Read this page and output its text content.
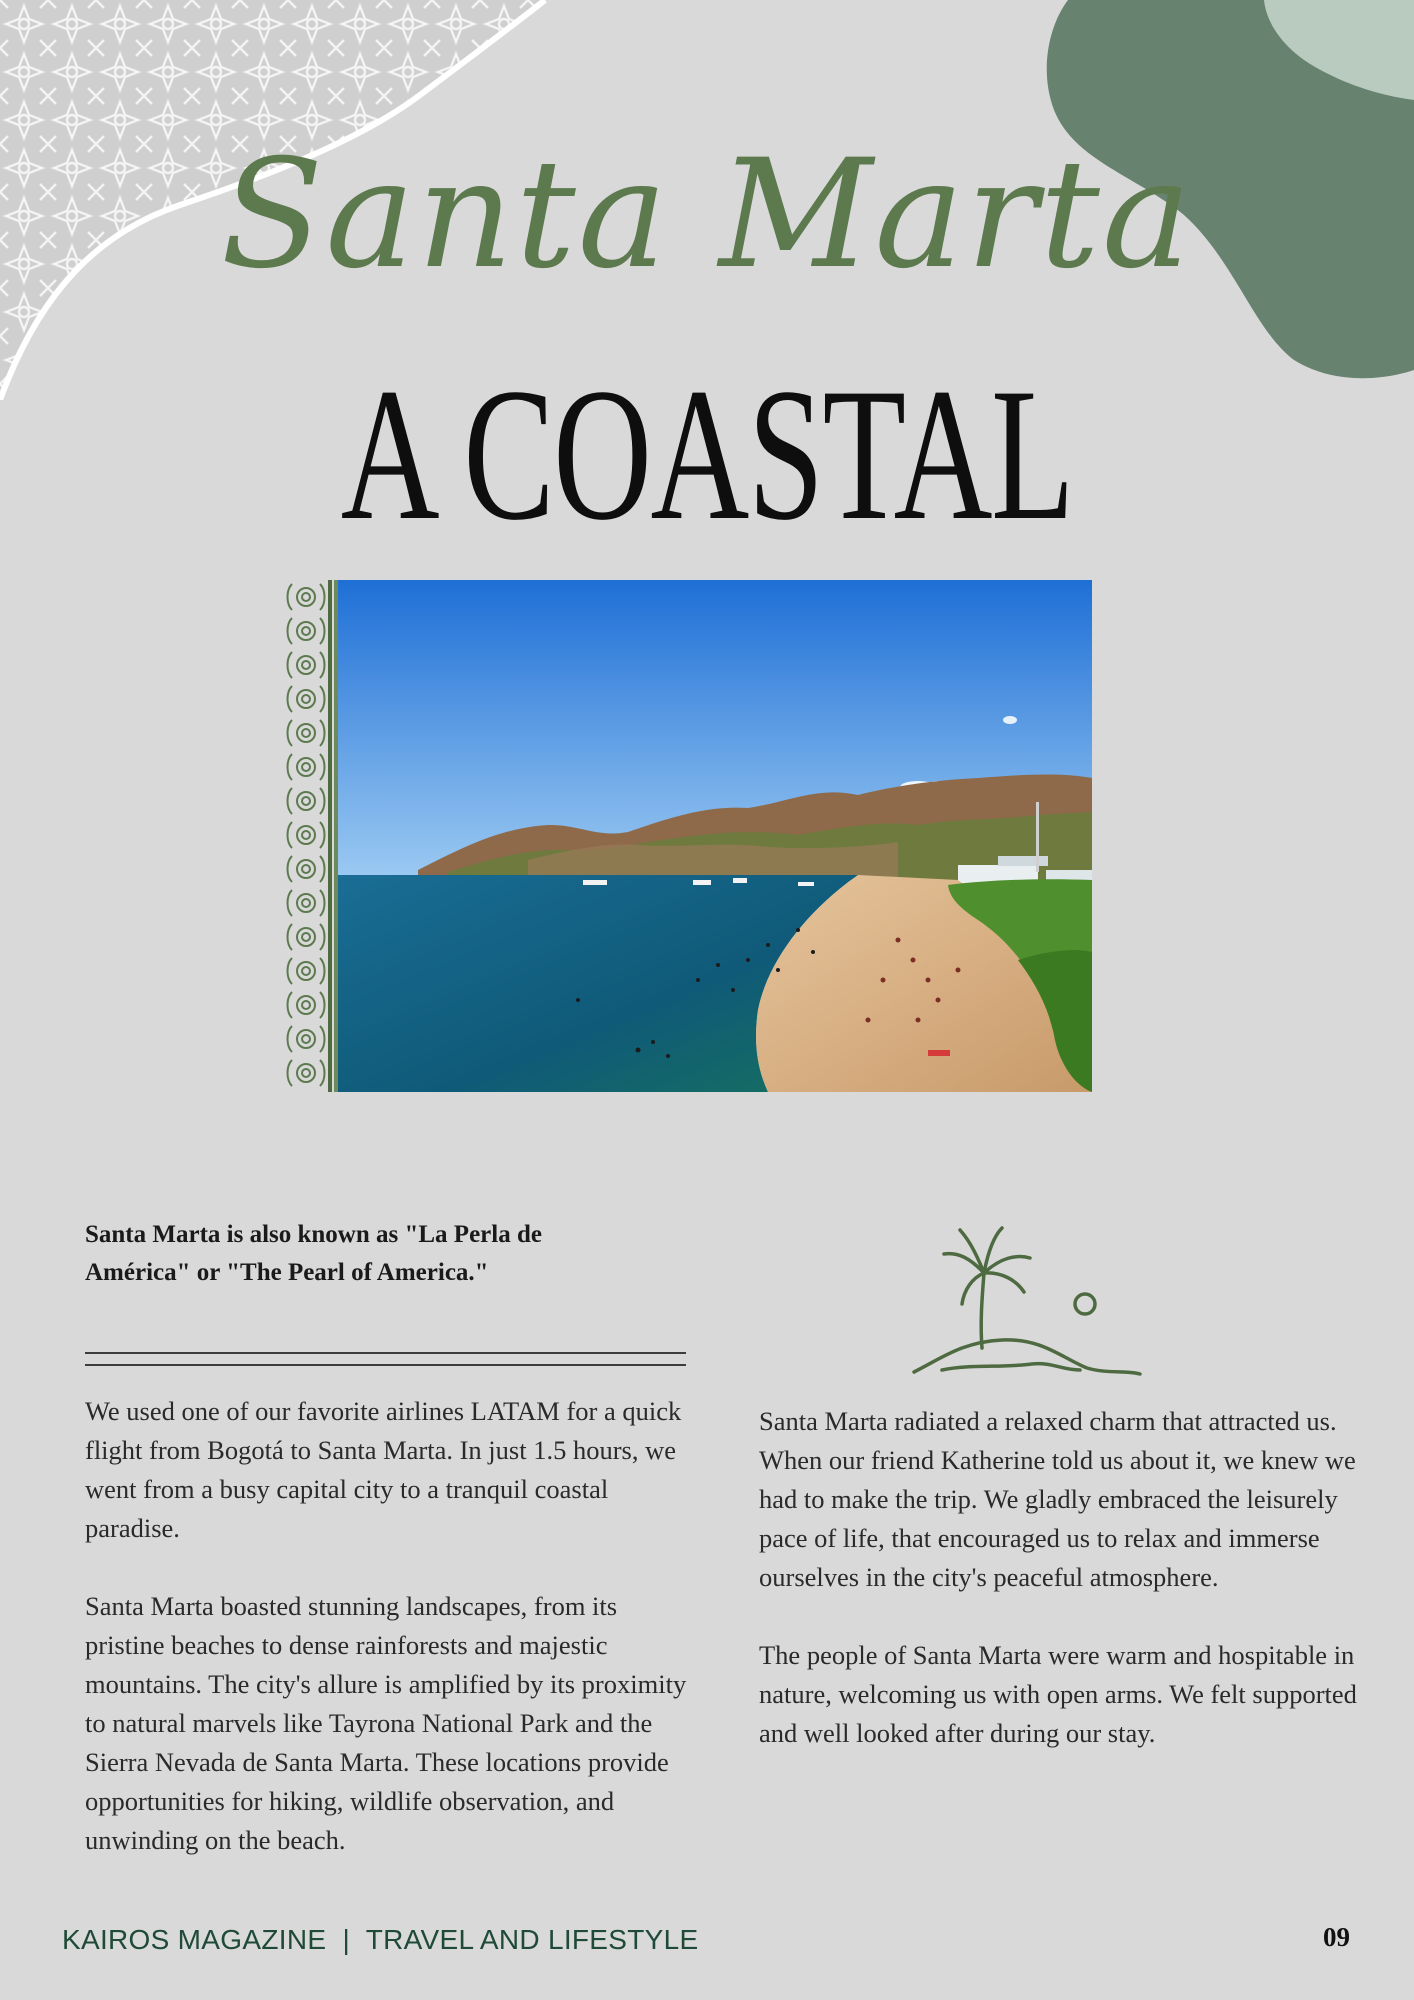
Santa Marta
A COASTAL
Santa Marta is also known as "La Perla de América" or "The Pearl of America."

We used one of our favorite airlines LATAM for a quick flight from Bogotá to Santa Marta. In just 1.5 hours, we went from a busy capital city to a tranquil coastal paradise.

Santa Marta boasted stunning landscapes, from its pristine beaches to dense rainforests and majestic mountains. The city's allure is amplified by its proximity to natural marvels like Tayrona National Park and the Sierra Nevada de Santa Marta. These locations provide opportunities for hiking, wildlife observation, and unwinding on the beach.

Santa Marta radiated a relaxed charm that attracted us. When our friend Katherine told us about it, we knew we had to make the trip. We gladly embraced the leisurely pace of life, that encouraged us to relax and immerse ourselves in the city's peaceful atmosphere.

The people of Santa Marta were warm and hospitable in nature, welcoming us with open arms. We felt supported and well looked after during our stay.

KAIROS MAGAZINE  |  TRAVEL AND LIFESTYLE	09
